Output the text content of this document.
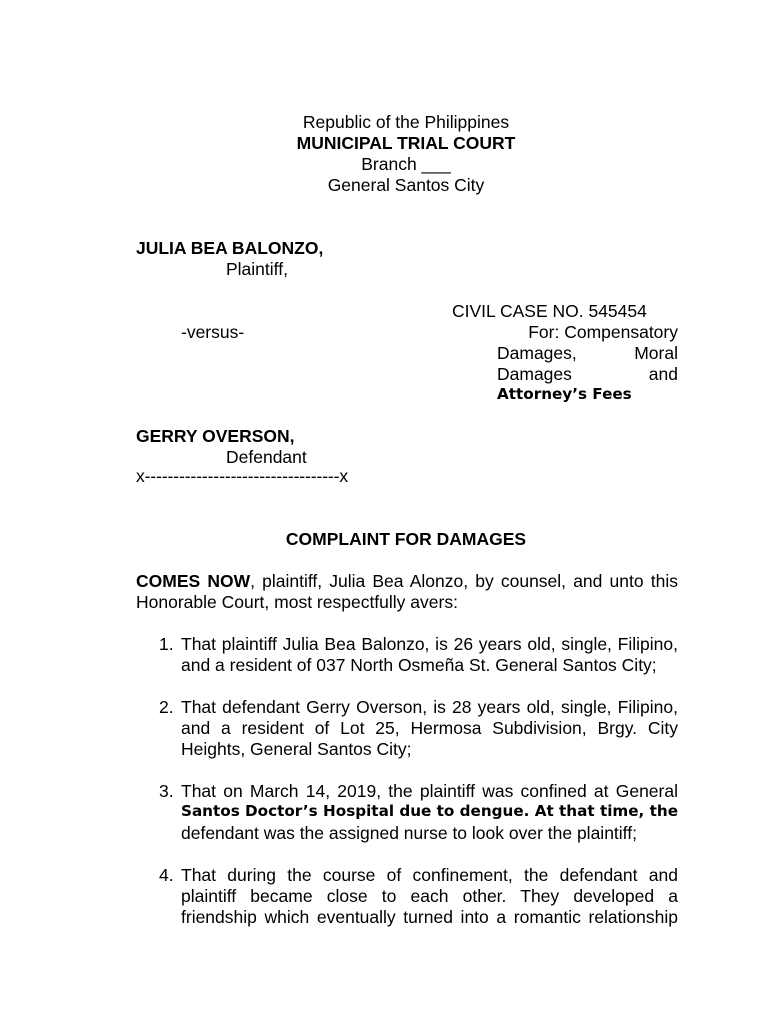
Republic of the Philippines
MUNICIPAL TRIAL COURT
Branch ___
General Santos City
JULIA BEA BALONZO,
Plaintiff,
CIVIL CASE NO. 545454
-versus-	For: Compensatory
Damages, Moral
Damages and
Attorney’s Fees
GERRY OVERSON,
Defendant
x----------------------------------x
COMPLAINT FOR DAMAGES
COMES NOW, plaintiff, Julia Bea Alonzo, by counsel, and unto this
Honorable Court, most respectfully avers:
1. That plaintiff Julia Bea Balonzo, is 26 years old, single, Filipino,
and a resident of 037 North Osmeña St. General Santos City;
2. That defendant Gerry Overson, is 28 years old, single, Filipino,
and a resident of Lot 25, Hermosa Subdivision, Brgy. City
Heights, General Santos City;
3. That on March 14, 2019, the plaintiff was confined at General
Santos Doctor’s Hospital due to dengue. At that time, the
defendant was the assigned nurse to look over the plaintiff;
4. That during the course of confinement, the defendant and
plaintiff became close to each other. They developed a
friendship which eventually turned into a romantic relationship
